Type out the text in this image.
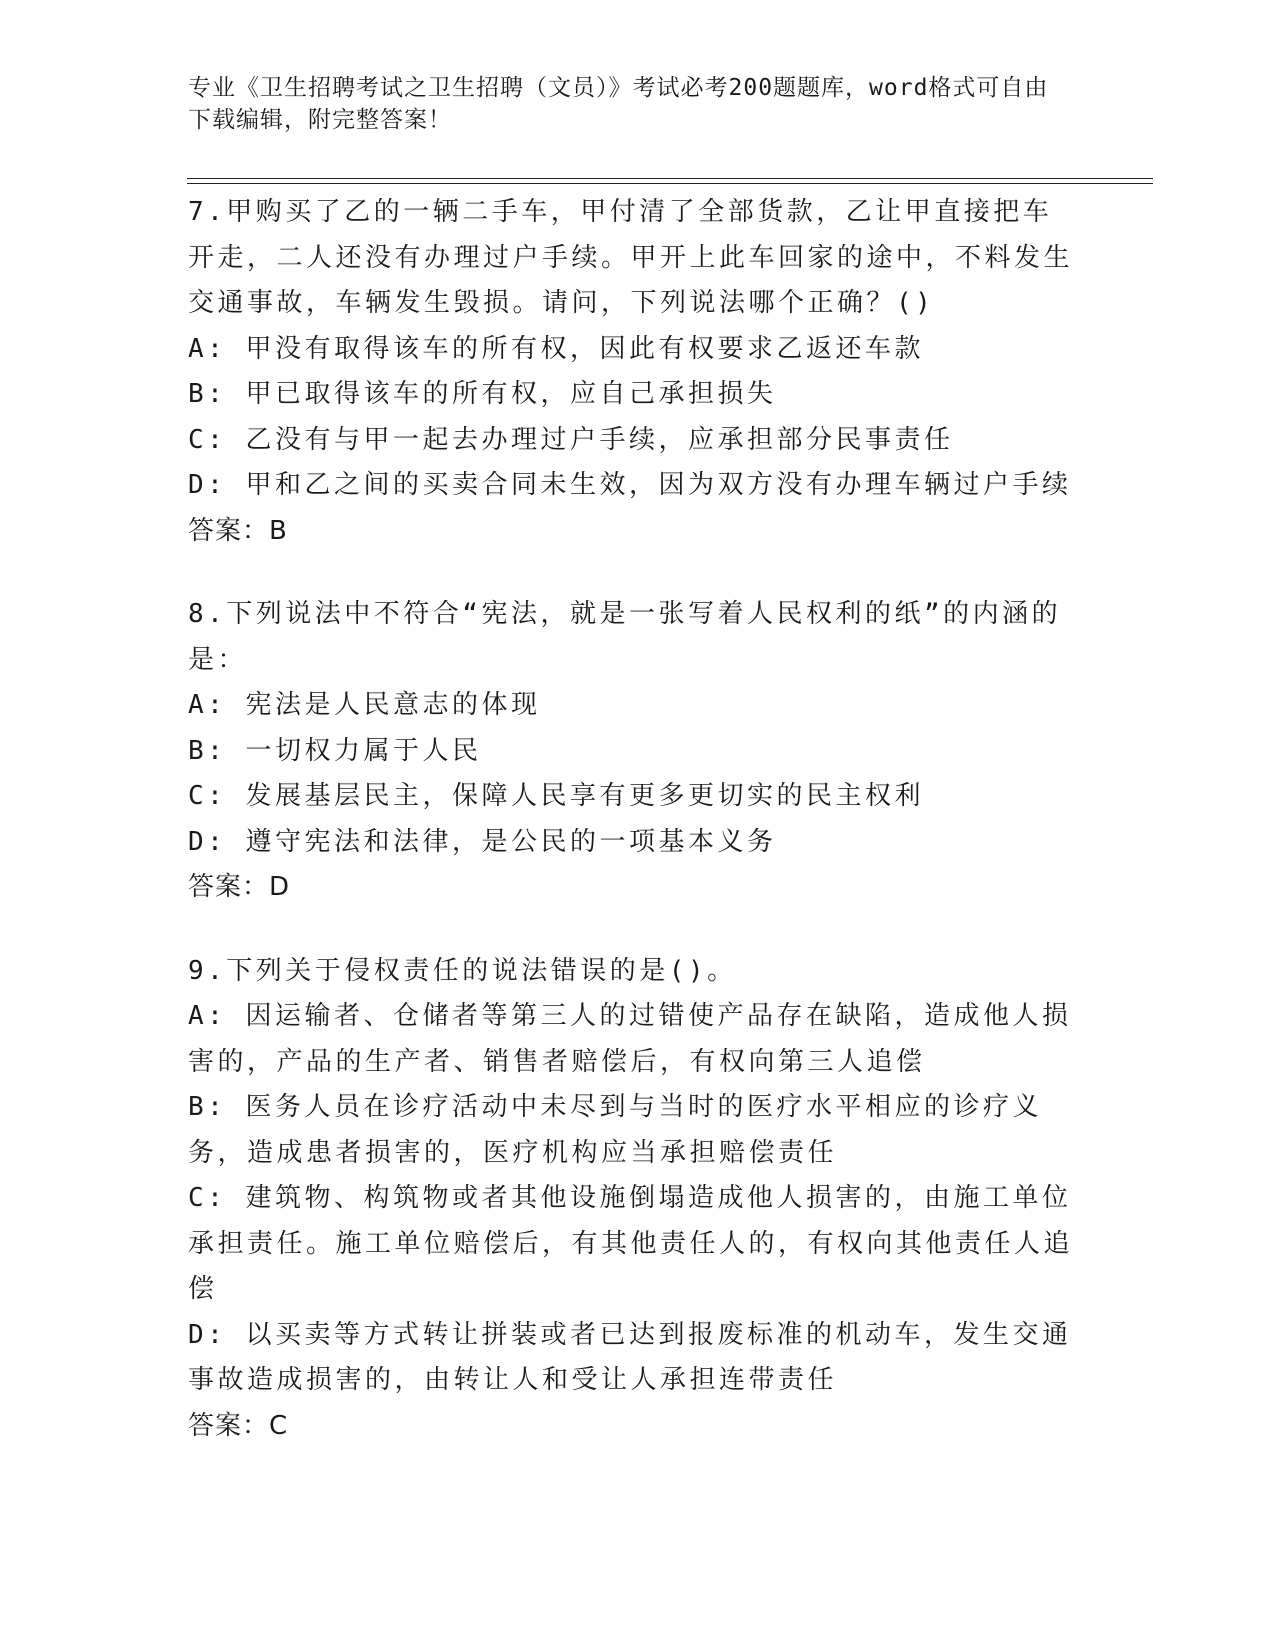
专业《卫生招聘考试之卫生招聘（文员）》考试必考200题题库，word格式可自由下载编辑，附完整答案！
7.甲购买了乙的一辆二手车，甲付清了全部货款，乙让甲直接把车开走，二人还没有办理过户手续。甲开上此车回家的途中，不料发生交通事故，车辆发生毁损。请问，下列说法哪个正确？()
A: 甲没有取得该车的所有权，因此有权要求乙返还车款
B: 甲已取得该车的所有权，应自己承担损失
C: 乙没有与甲一起去办理过户手续，应承担部分民事责任
D: 甲和乙之间的买卖合同未生效，因为双方没有办理车辆过户手续
答案：B
8.下列说法中不符合“宪法，就是一张写着人民权利的纸”的内涵的是：
A: 宪法是人民意志的体现
B: 一切权力属于人民
C: 发展基层民主，保障人民享有更多更切实的民主权利
D: 遵守宪法和法律，是公民的一项基本义务
答案：D
9.下列关于侵权责任的说法错误的是()。
A: 因运输者、仓储者等第三人的过错使产品存在缺陷，造成他人损害的，产品的生产者、销售者赔偿后，有权向第三人追偿
B: 医务人员在诊疗活动中未尽到与当时的医疗水平相应的诊疗义务，造成患者损害的，医疗机构应当承担赔偿责任
C: 建筑物、构筑物或者其他设施倒塌造成他人损害的，由施工单位承担责任。施工单位赔偿后，有其他责任人的，有权向其他责任人追偿
D: 以买卖等方式转让拼装或者已达到报废标准的机动车，发生交通事故造成损害的，由转让人和受让人承担连带责任
答案：C
